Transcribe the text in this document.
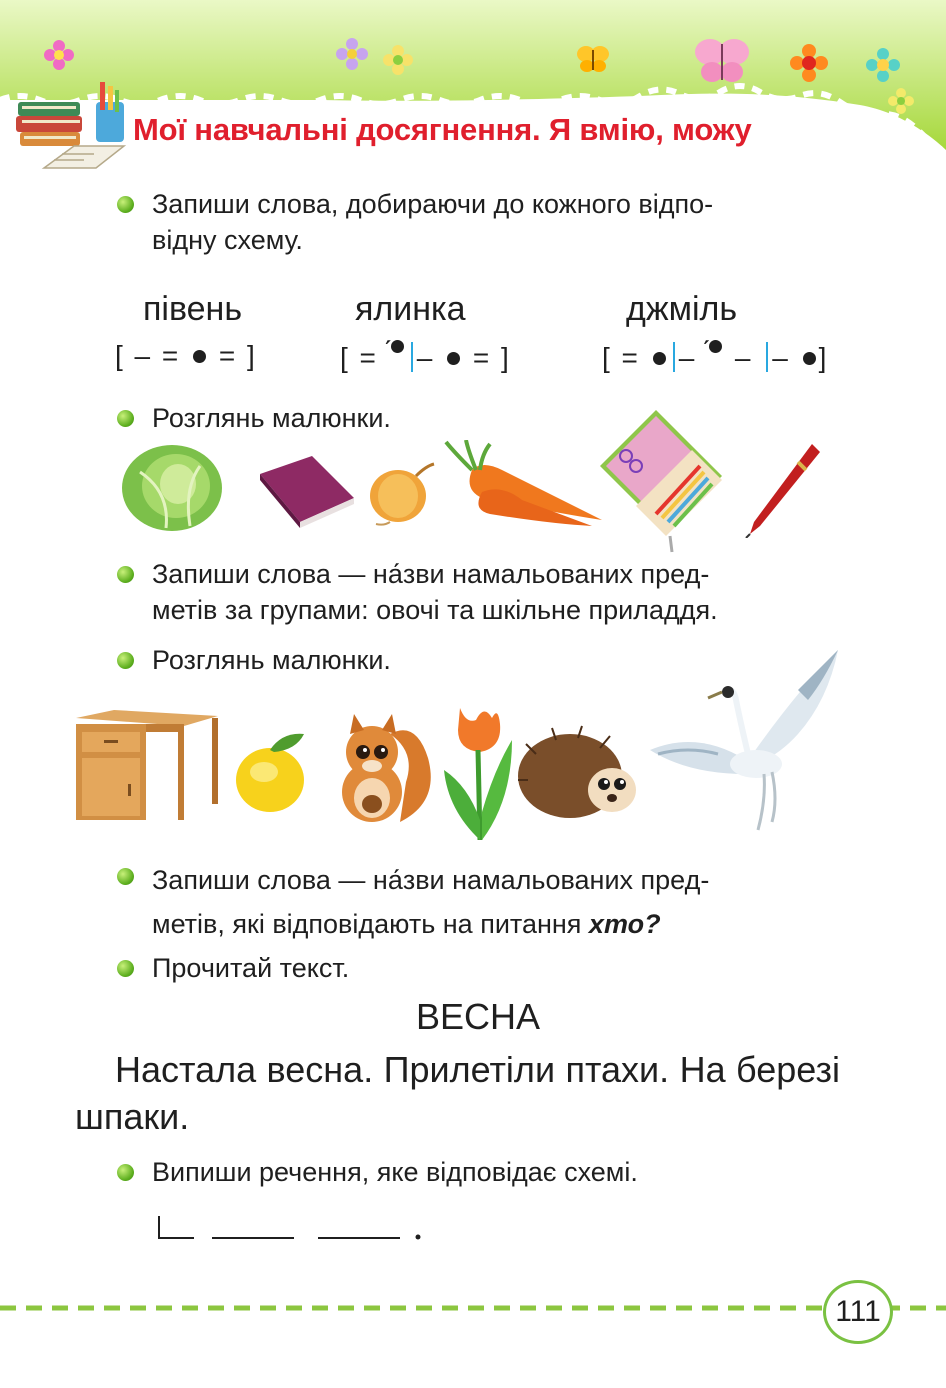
Мої навчальні досягнення. Я вмію, можу
Запиши слова, добираючи до кожного відпо-
відну схему.
півень	ялинка	джміль
[ – =  = ]	[ = ́–  = ]	[ = – ́ – – ]
Розглянь малюнки.
Запиши слова — на́зви намальованих пред-
метів за групами: овочі та шкільне приладдя.
Розглянь малюнки.
Запиши слова — на́зви намальованих пред-
метів, які відповідають на питання хто?
Прочитай текст.
ВЕСНА
Настала весна. Прилетіли птахи. На березі шпаки.
Випиши речення, яке відповідає схемі.
111
